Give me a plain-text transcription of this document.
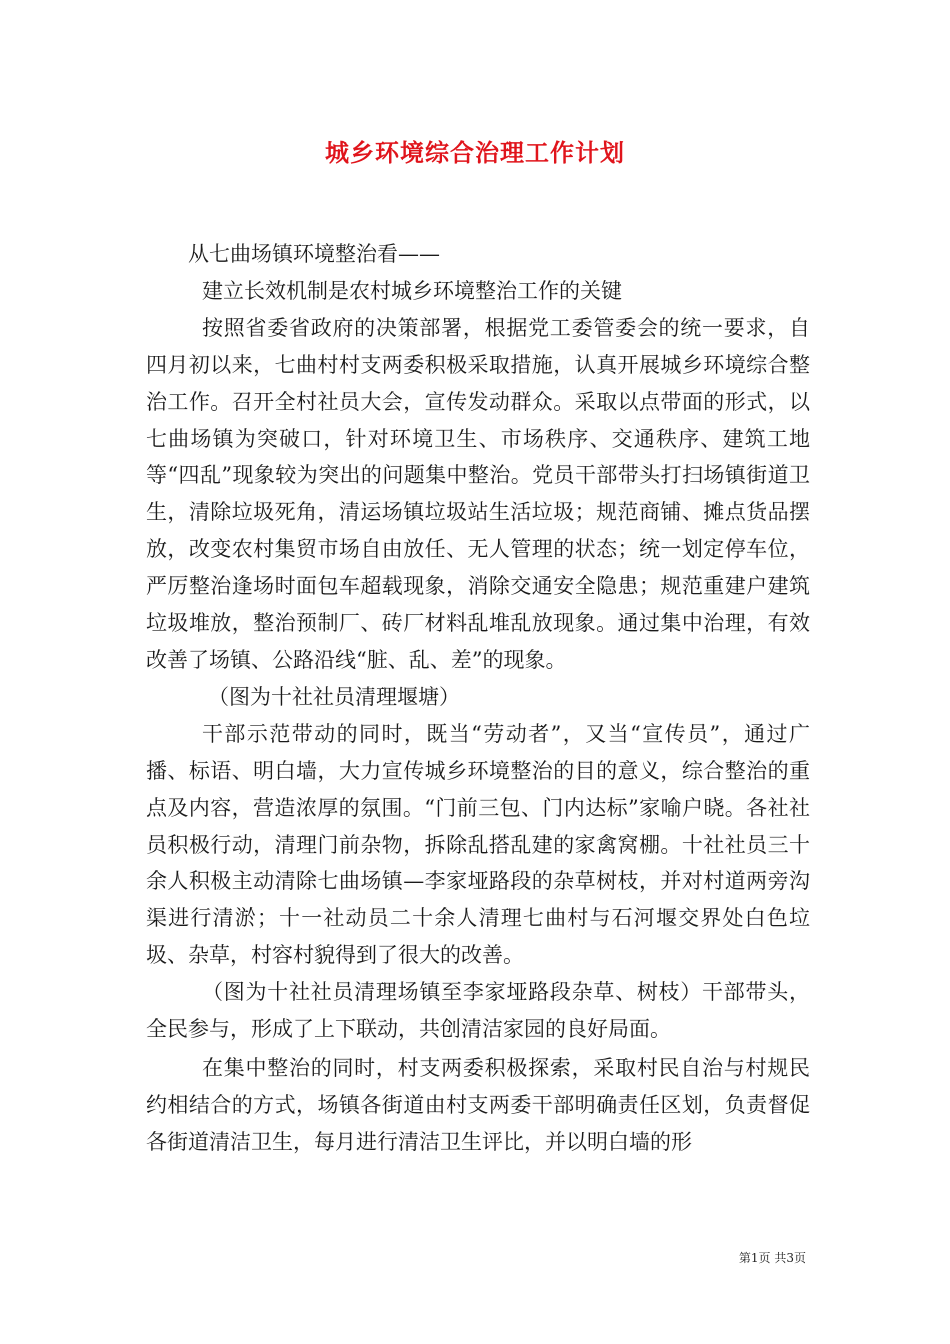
城乡环境综合治理工作计划

从七曲场镇环境整治看——

建立长效机制是农村城乡环境整治工作的关键

按照省委省政府的决策部署，根据党工委管委会的统一要求，自四月初以来，七曲村村支两委积极采取措施，认真开展城乡环境综合整治工作。召开全村社员大会，宣传发动群众。采取以点带面的形式，以七曲场镇为突破口，针对环境卫生、市场秩序、交通秩序、建筑工地等“四乱”现象较为突出的问题集中整治。党员干部带头打扫场镇街道卫生，清除垃圾死角，清运场镇垃圾站生活垃圾；规范商铺、摊点货品摆放，改变农村集贸市场自由放任、无人管理的状态；统一划定停车位，严厉整治逢场时面包车超载现象，消除交通安全隐患；规范重建户建筑垃圾堆放，整治预制厂、砖厂材料乱堆乱放现象。通过集中治理，有效改善了场镇、公路沿线“脏、乱、差”的现象。

（图为十社社员清理堰塘）

干部示范带动的同时，既当“劳动者”，又当“宣传员”，通过广播、标语、明白墙，大力宣传城乡环境整治的目的意义，综合整治的重点及内容，营造浓厚的氛围。“门前三包、门内达标”家喻户晓。各社社员积极行动，清理门前杂物，拆除乱搭乱建的家禽窝棚。十社社员三十余人积极主动清除七曲场镇—李家垭路段的杂草树枝，并对村道两旁沟渠进行清淤；十一社动员二十余人清理七曲村与石河堰交界处白色垃圾、杂草，村容村貌得到了很大的改善。

（图为十社社员清理场镇至李家垭路段杂草、树枝）干部带头，全民参与，形成了上下联动，共创清洁家园的良好局面。

在集中整治的同时，村支两委积极探索，采取村民自治与村规民约相结合的方式，场镇各街道由村支两委干部明确责任区划，负责督促各街道清洁卫生，每月进行清洁卫生评比，并以明白墙的形

第1页 共3页
